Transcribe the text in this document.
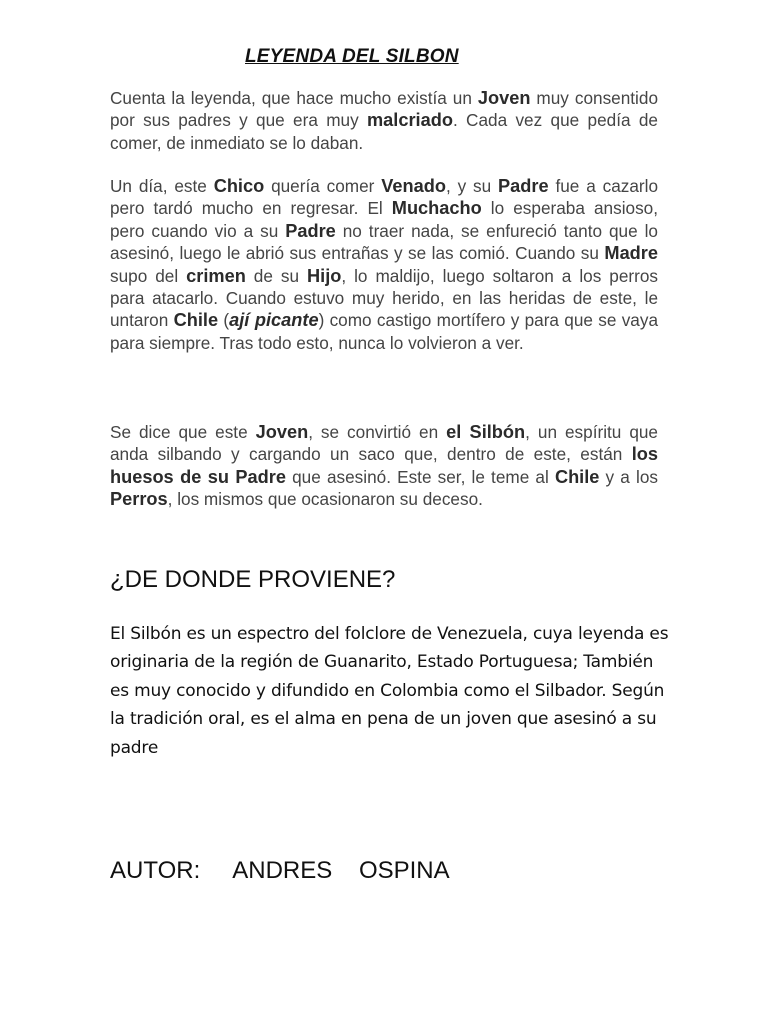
LEYENDA DEL SILBON

Cuenta la leyenda, que hace mucho existía un Joven muy consentido por sus padres y que era muy malcriado. Cada vez que pedía de comer, de inmediato se lo daban.

Un día, este Chico quería comer Venado, y su Padre fue a cazarlo pero tardó mucho en regresar. El Muchacho lo esperaba ansioso, pero cuando vio a su Padre no traer nada, se enfureció tanto que lo asesinó, luego le abrió sus entrañas y se las comió. Cuando su Madre supo del crimen de su Hijo, lo maldijo, luego soltaron a los perros para atacarlo. Cuando estuvo muy herido, en las heridas de este, le untaron Chile (ají picante) como castigo mortífero y para que se vaya para siempre. Tras todo esto, nunca lo volvieron a ver.

Se dice que este Joven, se convirtió en el Silbón, un espíritu que anda silbando y cargando un saco que, dentro de este, están los huesos de su Padre que asesinó. Este ser, le teme al Chile y a los Perros, los mismos que ocasionaron su deceso.

¿DE DONDE PROVIENE?

El Silbón es un espectro del folclore de Venezuela, cuya leyenda es originaria de la región de Guanarito, Estado Portuguesa; También es muy conocido y difundido en Colombia como el Silbador. Según la tradición oral, es el alma en pena de un joven que asesinó a su padre

AUTOR: ANDRES OSPINA
